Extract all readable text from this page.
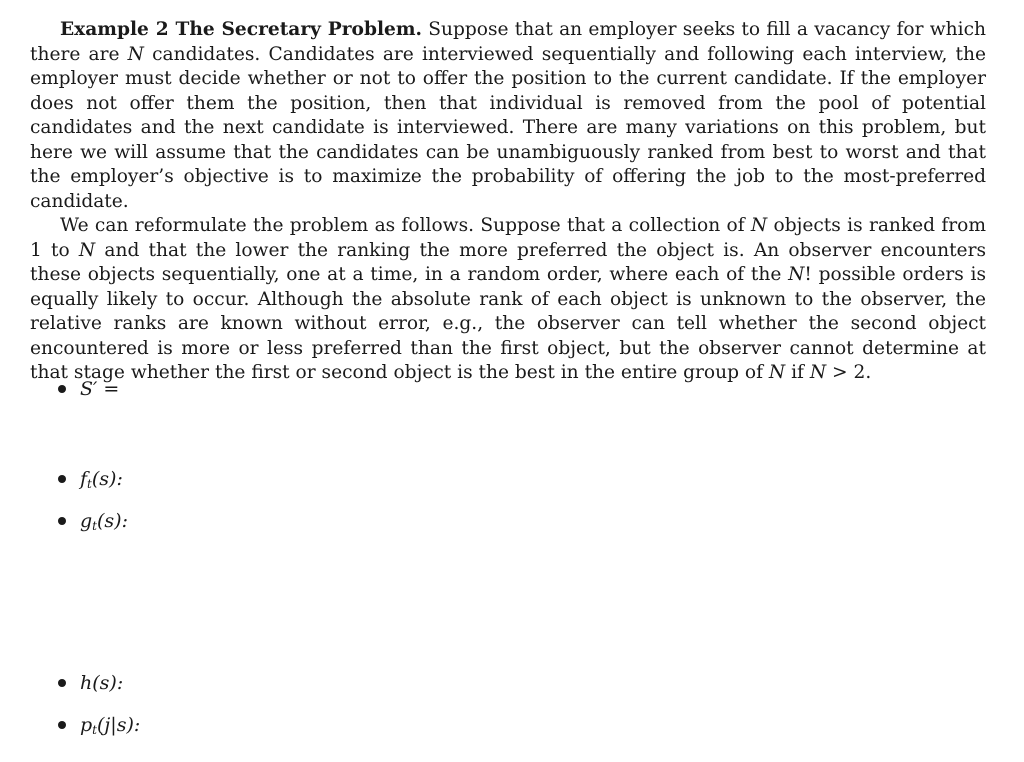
Example 2 The Secretary Problem. Suppose that an employer seeks to fill a vacancy for which there are N candidates. Candidates are interviewed sequentially and following each interview, the employer must decide whether or not to offer the position to the current candidate. If the employer does not offer them the position, then that individual is removed from the pool of potential candidates and the next candidate is interviewed. There are many variations on this problem, but here we will assume that the candidates can be unambiguously ranked from best to worst and that the employer’s objective is to maximize the probability of offering the job to the most-preferred candidate.

We can reformulate the problem as follows. Suppose that a collection of N objects is ranked from 1 to N and that the lower the ranking the more preferred the object is. An observer encounters these objects sequentially, one at a time, in a random order, where each of the N! possible orders is equally likely to occur. Although the absolute rank of each object is unknown to the observer, the relative ranks are known without error, e.g., the observer can tell whether the second object encountered is more or less preferred than the first object, but the observer cannot determine at that stage whether the first or second object is the best in the entire group of N if N > 2.

S′ =
$f_t(s)$:
$g_t(s)$:
h(s):
$p_t(j|s)$:
